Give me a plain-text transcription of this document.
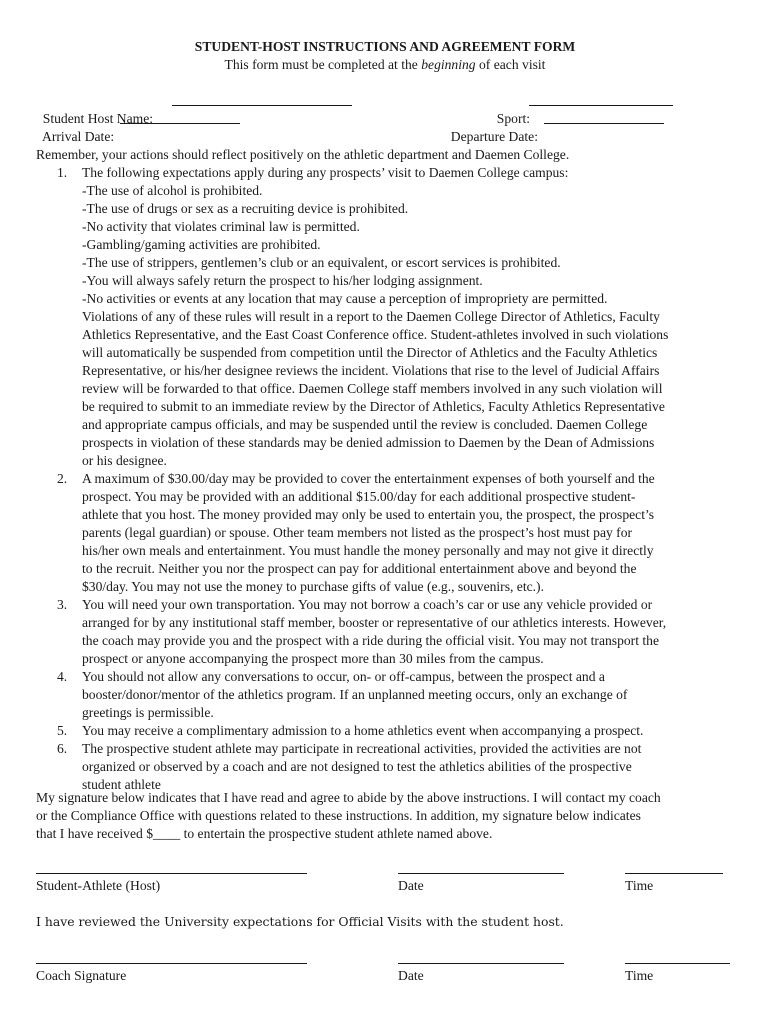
STUDENT-HOST INSTRUCTIONS AND AGREEMENT FORM
This form must be completed at the beginning of each visit

Student Host Name:	Sport:

Arrival Date:	Departure Date:

Remember, your actions should reflect positively on the athletic department and Daemen College.
1. The following expectations apply during any prospects’ visit to Daemen College campus:
-The use of alcohol is prohibited.
-The use of drugs or sex as a recruiting device is prohibited.
-No activity that violates criminal law is permitted.
-Gambling/gaming activities are prohibited.
-The use of strippers, gentlemen’s club or an equivalent, or escort services is prohibited.
-You will always safely return the prospect to his/her lodging assignment.
-No activities or events at any location that may cause a perception of impropriety are permitted.
Violations of any of these rules will result in a report to the Daemen College Director of Athletics, Faculty
Athletics Representative, and the East Coast Conference office. Student-athletes involved in such violations
will automatically be suspended from competition until the Director of Athletics and the Faculty Athletics
Representative, or his/her designee reviews the incident. Violations that rise to the level of Judicial Affairs
review will be forwarded to that office. Daemen College staff members involved in any such violation will
be required to submit to an immediate review by the Director of Athletics, Faculty Athletics Representative
and appropriate campus officials, and may be suspended until the review is concluded. Daemen College
prospects in violation of these standards may be denied admission to Daemen by the Dean of Admissions
or his designee.
2. A maximum of $30.00/day may be provided to cover the entertainment expenses of both yourself and the
prospect. You may be provided with an additional $15.00/day for each additional prospective student-
athlete that you host. The money provided may only be used to entertain you, the prospect, the prospect’s
parents (legal guardian) or spouse. Other team members not listed as the prospect’s host must pay for
his/her own meals and entertainment. You must handle the money personally and may not give it directly
to the recruit. Neither you nor the prospect can pay for additional entertainment above and beyond the
$30/day. You may not use the money to purchase gifts of value (e.g., souvenirs, etc.).
3. You will need your own transportation. You may not borrow a coach’s car or use any vehicle provided or
arranged for by any institutional staff member, booster or representative of our athletics interests. However,
the coach may provide you and the prospect with a ride during the official visit. You may not transport the
prospect or anyone accompanying the prospect more than 30 miles from the campus.
4. You should not allow any conversations to occur, on- or off-campus, between the prospect and a
booster/donor/mentor of the athletics program. If an unplanned meeting occurs, only an exchange of
greetings is permissible.
5. You may receive a complimentary admission to a home athletics event when accompanying a prospect.
6. The prospective student athlete may participate in recreational activities, provided the activities are not
organized or observed by a coach and are not designed to test the athletics abilities of the prospective
student athlete
My signature below indicates that I have read and agree to abide by the above instructions. I will contact my coach
or the Compliance Office with questions related to these instructions. In addition, my signature below indicates
that I have received $____ to entertain the prospective student athlete named above.
Student-Athlete (Host)	Date	Time
I have reviewed the University expectations for Official Visits with the student host.
Coach Signature	Date	Time
